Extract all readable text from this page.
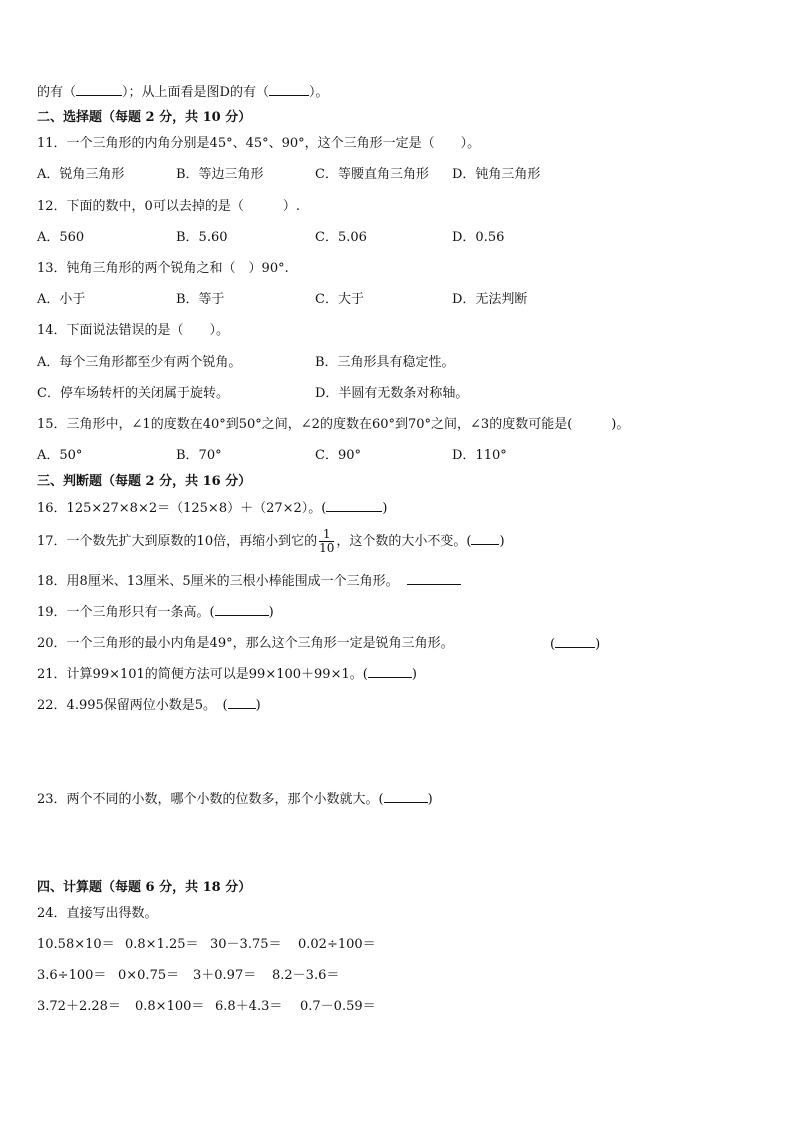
的有（	）；从上面看是图D的有（	）。
二、选择题（每题 2 分，共 10 分）
11．一个三角形的内角分别是45°、45°、90°，这个三角形一定是（　　）。
A．锐角三角形	B．等边三角形	C．等腰直角三角形 D．钝角三角形
12．下面的数中，0可以去掉的是（　　　）.
A．560	B．5.60	C．5.06	D．0.56
13．钝角三角形的两个锐角之和（　）90°.
A．小于	B．等于	C．大于	D．无法判断
14．下面说法错误的是（　　）。
A．每个三角形都至少有两个锐角。	B．三角形具有稳定性。
C．停车场转杆的关闭属于旋转。	D．半圆有无数条对称轴。
15．三角形中，∠1的度数在40°到50°之间，∠2的度数在60°到70°之间，∠3的度数可能是(　　　)。
A．50°	B．70°	C．90°	D．110°
三、判断题（每题 2 分，共 16 分）
16．125×27×8×2＝（125×8）＋（27×2）。(	)
17．一个数先扩大到原数的10倍，再缩小到它的 $\frac{1}{10}$ ，这个数的大小不变。( )
18．用8厘米、13厘米、5厘米的三根小棒能围成一个三角形。
19．一个三角形只有一条高。(	)
20．一个三角形的最小内角是49°，那么这个三角形一定是锐角三角形。	(	)
21．计算99×101的简便方法可以是99×100＋99×1。(	)
22．4.995保留两位小数是5。　( )
23．两个不同的小数，哪个小数的位数多，那个小数就大。(	)
四、计算题（每题 6 分，共 18 分）
24．直接写出得数。
10.58×10＝ 0.8×1.25＝ 30－3.75＝ 0.02÷100＝
3.6÷100＝ 0×0.75＝ 3＋0.97＝ 8.2－3.6＝
3.72＋2.28＝ 0.8×100＝ 6.8＋4.3＝ 0.7－0.59＝
